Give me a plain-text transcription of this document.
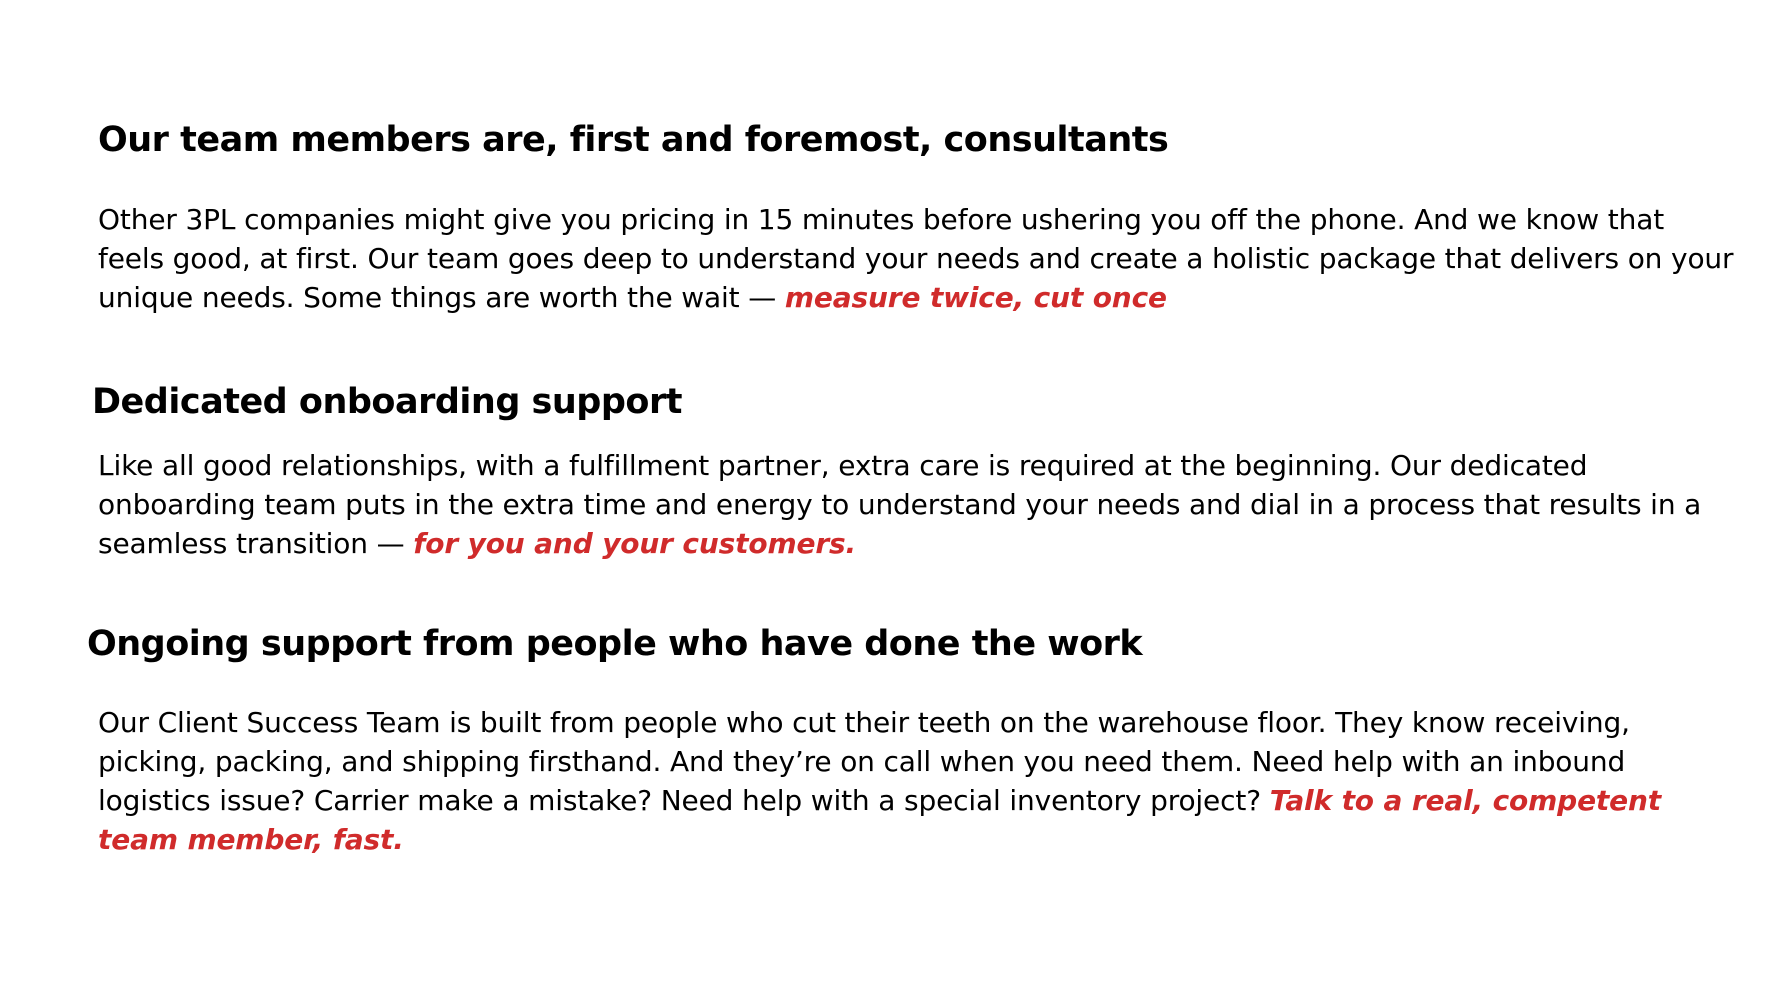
Our team members are, first and foremost, consultants

Other 3PL companies might give you pricing in 15 minutes before ushering you off the phone. And we know that feels good, at first. Our team goes deep to understand your needs and create a holistic package that delivers on your unique needs. Some things are worth the wait — measure twice, cut once

Dedicated onboarding support

Like all good relationships, with a fulfillment partner, extra care is required at the beginning. Our dedicated onboarding team puts in the extra time and energy to understand your needs and dial in a process that results in a seamless transition — for you and your customers.

Ongoing support from people who have done the work

Our Client Success Team is built from people who cut their teeth on the warehouse floor. They know receiving, picking, packing, and shipping firsthand. And they’re on call when you need them. Need help with an inbound logistics issue? Carrier make a mistake? Need help with a special inventory project? Talk to a real, competent team member, fast.
